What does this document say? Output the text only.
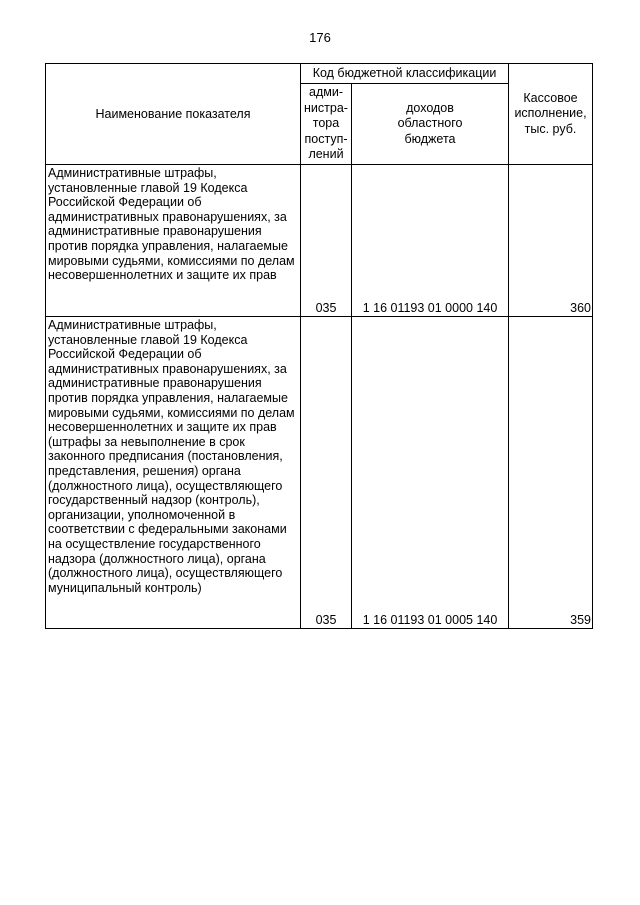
176
Наименование показателя	Код бюджетной классификации		Кассовое
исполнение,
тыс. руб.

	адми-
нистра-
тора
поступ-
лений	доходов
областного
бюджета	

Административные штрафы, установленные главой 19 Кодекса Российской Федерации об административных правонарушениях, за административные правонарушения против порядка управления, налагаемые мировыми судьями, комиссиями по делам несовершеннолетних и защите их прав	035	1 16 01193 01 0000 140	360
Административные штрафы, установленные главой 19 Кодекса Российской Федерации об административных правонарушениях, за административные правонарушения против порядка управления, налагаемые мировыми судьями, комиссиями по делам несовершеннолетних и защите их прав (штрафы за невыполнение в срок законного предписания (постановления, представления, решения) органа (должностного лица), осуществляющего государственный надзор (контроль), организации, уполномоченной в соответствии с федеральными законами на осуществление государственного надзора (должностного лица), органа (должностного лица), осуществляющего муниципальный контроль)	035	1 16 01193 01 0005 140	359
